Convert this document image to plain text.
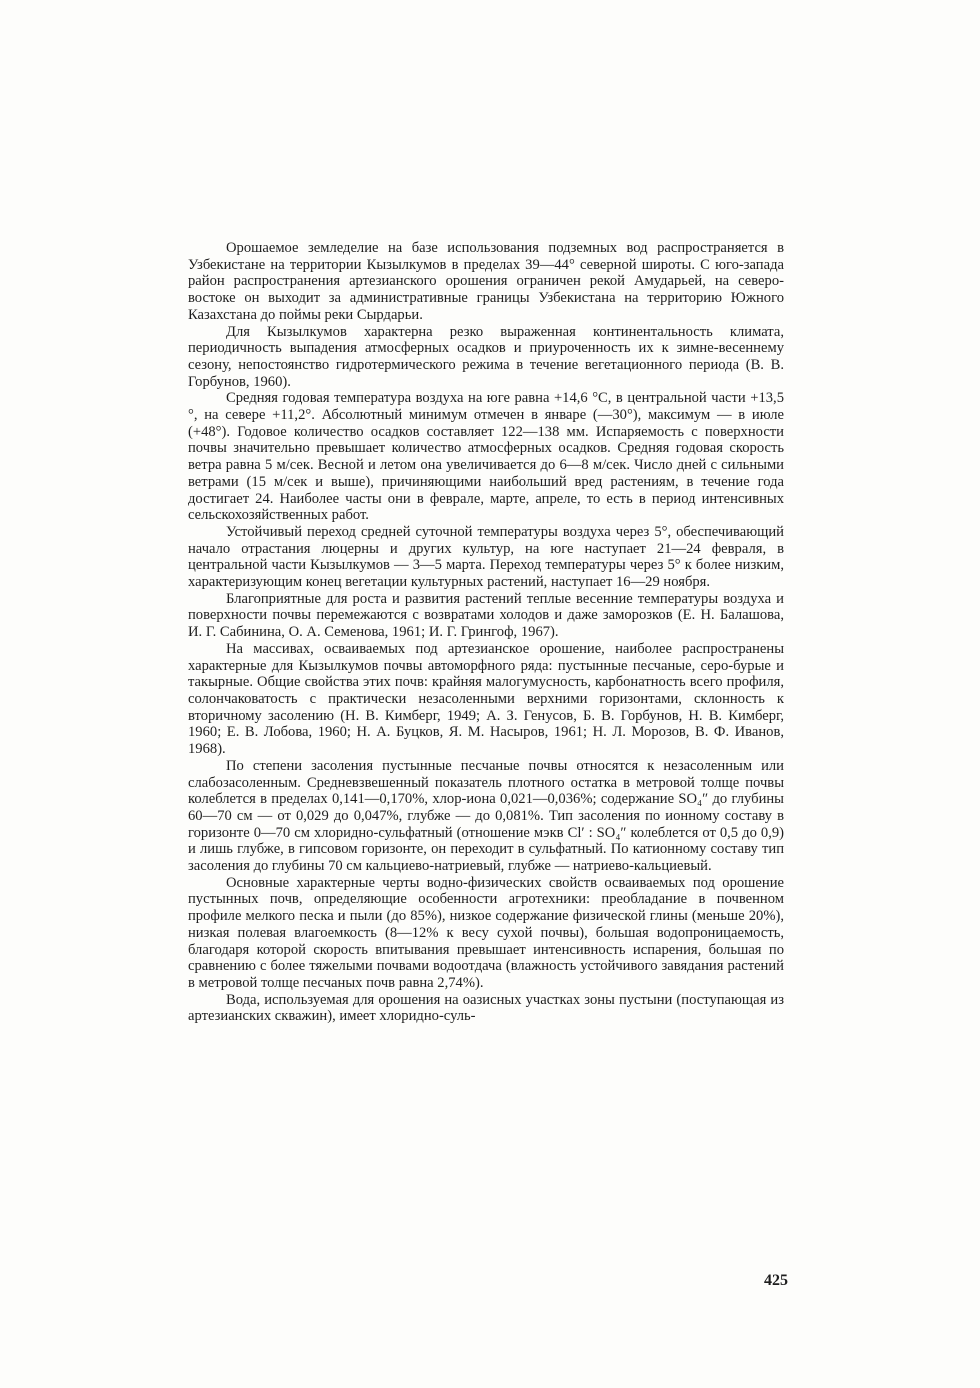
Орошаемое земледелие на базе использования подземных вод распространяется в Узбекистане на территории Кызылкумов в пределах 39—44° северной широты. С юго-запада район распространения артезианского орошения ограничен рекой Амударьей, на северо-востоке он выходит за административные границы Узбекистана на территорию Южного Казахстана до поймы реки Сырдарьи.

Для Кызылкумов характерна резко выраженная континентальность климата, периодичность выпадения атмосферных осадков и приуроченность их к зимне-весеннему сезону, непостоянство гидротермического режима в течение вегетационного периода (В. В. Горбунов, 1960).

Средняя годовая температура воздуха на юге равна +14,6 °С, в центральной части +13,5 °, на севере +11,2°. Абсолютный минимум отмечен в январе (—30°), максимум — в июле (+48°). Годовое количество осадков составляет 122—138 мм. Испаряемость с поверхности почвы значительно превышает количество атмосферных осадков. Средняя годовая скорость ветра равна 5 м/сек. Весной и летом она увеличивается до 6—8 м/сек. Число дней с сильными ветрами (15 м/сек и выше), причиняющими наибольший вред растениям, в течение года достигает 24. Наиболее часты они в феврале, марте, апреле, то есть в период интенсивных сельскохозяйственных работ.

Устойчивый переход средней суточной температуры воздуха через 5°, обеспечивающий начало отрастания люцерны и других культур, на юге наступает 21—24 февраля, в центральной части Кызылкумов — 3—5 марта. Переход температуры через 5° к более низким, характеризующим конец вегетации культурных растений, наступает 16—29 ноября.

Благоприятные для роста и развития растений теплые весенние температуры воздуха и поверхности почвы перемежаются с возвратами холодов и даже заморозков (Е. Н. Балашова, И. Г. Сабинина, О. А. Семенова, 1961; И. Г. Грингоф, 1967).

На массивах, осваиваемых под артезианское орошение, наиболее распространены характерные для Кызылкумов почвы автоморфного ряда: пустынные песчаные, серо-бурые и такырные. Общие свойства этих почв: крайняя малогумусность, карбонатность всего профиля, солончаковатость с практически незасоленными верхними горизонтами, склонность к вторичному засолению (Н. В. Кимберг, 1949; А. З. Генусов, Б. В. Горбунов, Н. В. Кимберг, 1960; Е. В. Лобова, 1960; Н. А. Буцков, Я. М. Насыров, 1961; Н. Л. Морозов, В. Ф. Иванов, 1968).

По степени засоления пустынные песчаные почвы относятся к незасоленным или слабозасоленным. Средневзвешенный показатель плотного остатка в метровой толще почвы колеблется в пределах 0,141—0,170%, хлор-иона 0,021—0,036%; содержание SO₄″ до глубины 60—70 см — от 0,029 до 0,047%, глубже — до 0,081%. Тип засоления по ионному составу в горизонте 0—70 см хлоридно-сульфатный (отношение мэкв Cl′ : SO₄″ колеблется от 0,5 до 0,9) и лишь глубже, в гипсовом горизонте, он переходит в сульфатный. По катионному составу тип засоления до глубины 70 см кальциево-натриевый, глубже — натриево-кальциевый.

Основные характерные черты водно-физических свойств осваиваемых под орошение пустынных почв, определяющие особенности агротехники: преобладание в почвенном профиле мелкого песка и пыли (до 85%), низкое содержание физической глины (меньше 20%), низкая полевая влагоемкость (8—12% к весу сухой почвы), большая водопроницаемость, благодаря которой скорость впитывания превышает интенсивность испарения, большая по сравнению с более тяжелыми почвами водоотдача (влажность устойчивого завядания растений в метровой толще песчаных почв равна 2,74%).

Вода, используемая для орошения на оазисных участках зоны пустыни (поступающая из артезианских скважин), имеет хлоридно-суль-

425
